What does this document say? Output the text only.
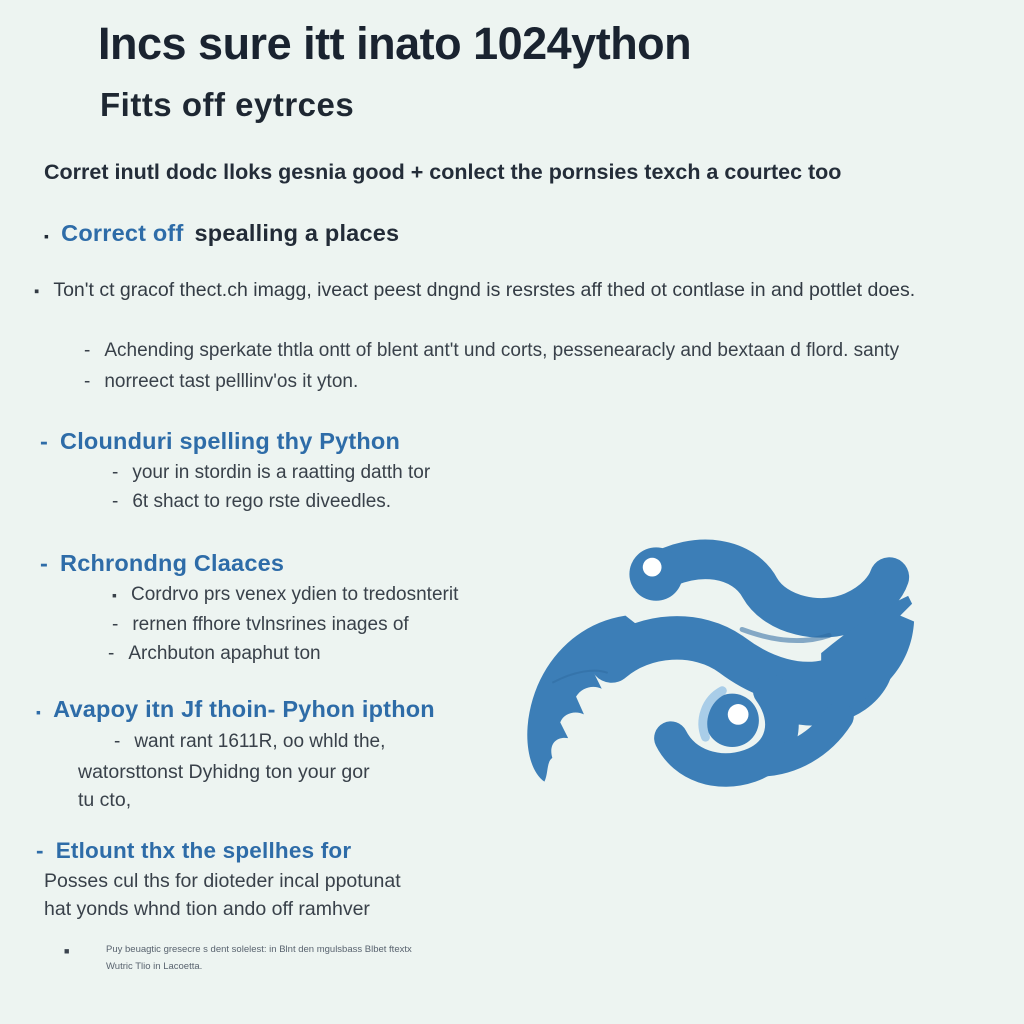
Incs sure itt inato 1024ython
Fitts off eytrces
Corret inutl dodc lloks gesnia good + conlect the pornsies texch a courtec too
▪ Correct off spealling a places
▪ Ton't ct gracof thect.ch imagg, iveact peest dngnd is resrstes aff thed ot contlase in and pottlet does.
- Achending sperkate thtla ontt of blent ant't und corts, pessenearacly and bextaan d flord. santy
- norreect tast pelllinv'os it yton.
- Clounduri spelling thy Python
- your in stordin is a raatting datth tor
- 6t shact to rego rste diveedles.
- Rchrondng Claaces
▪ Cordrvo prs venex ydien to tredosnterit
- rernen ffhore tvlnsrines inages of
- Archbuton apaphut ton
▪ Avapoy itn Jf thoin- Pyhon ipthon
- want rant 1611R, oo whld the,
watorsttonst Dyhidng ton your gor
tu cto,
- Etlount thx the spellhes for
Posses cul ths for dioteder incal ppotunat
hat yonds whnd tion ando off ramhver
■	Puy beuagtic gresecre s dent solelest: in Blnt den mgulsbass Blbet ftextx
Wutric Tlio in Lacoetta.
